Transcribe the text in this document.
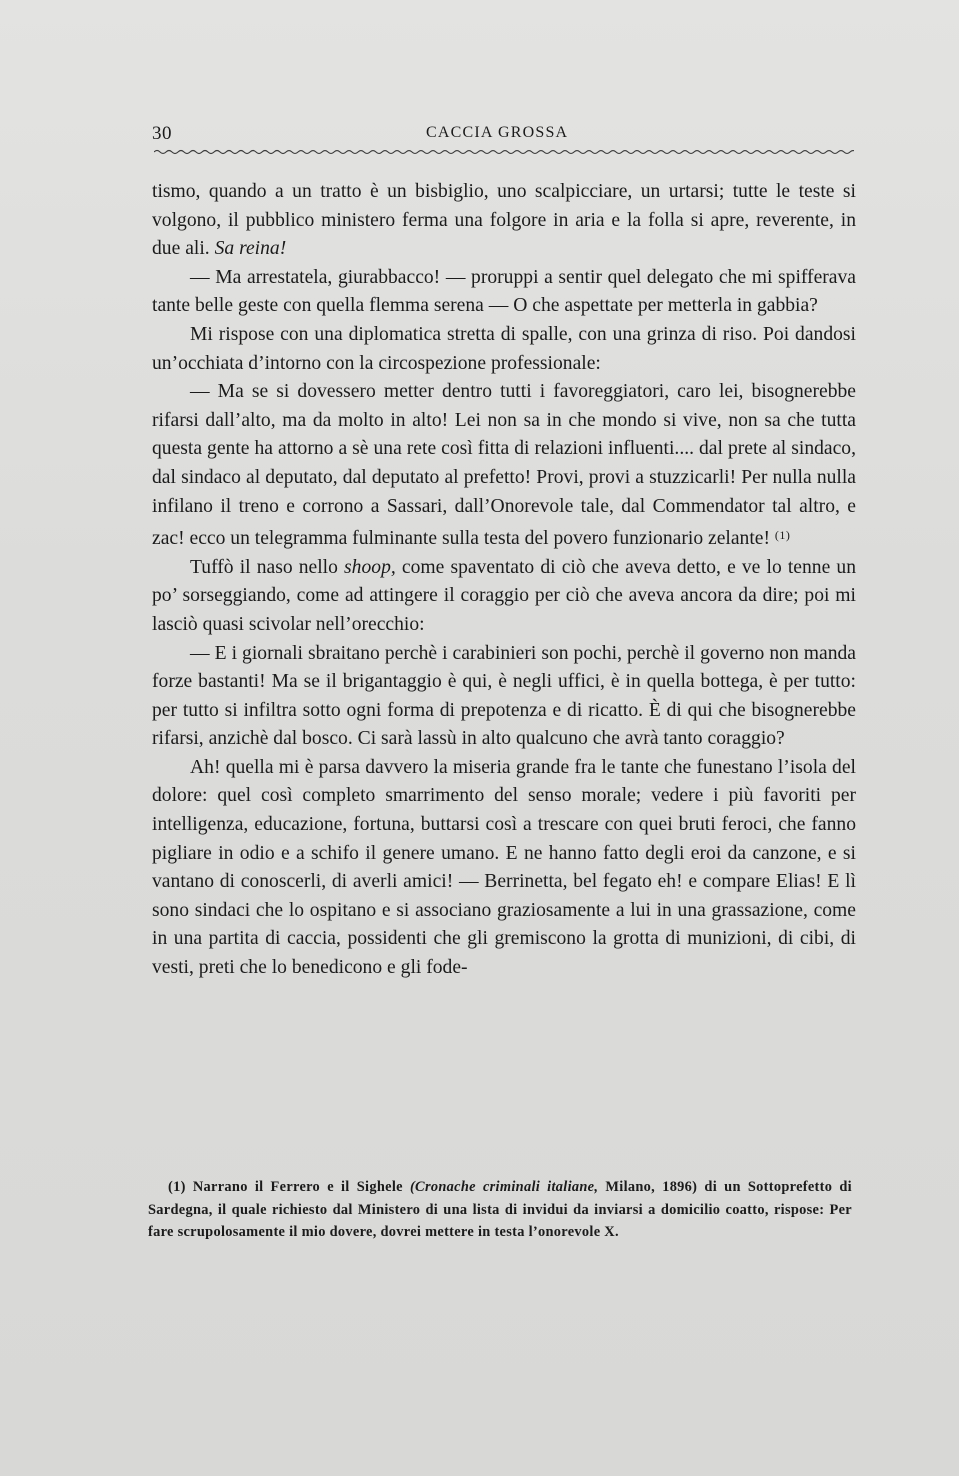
30	CACCIA GROSSA

tismo, quando a un tratto è un bisbiglio, uno scalpicciare, un urtarsi; tutte le teste si volgono, il pubblico ministero ferma una folgore in aria e la folla si apre, reverente, in due ali. Sa reina!

— Ma arrestatela, giurabbacco! — proruppi a sentir quel delegato che mi spifferava tante belle geste con quella flemma serena — O che aspettate per metterla in gabbia?

Mi rispose con una diplomatica stretta di spalle, con una grinza di riso. Poi dandosi un’occhiata d’intorno con la circospezione professionale:

— Ma se si dovessero metter dentro tutti i favoreggiatori, caro lei, bisognerebbe rifarsi dall’alto, ma da molto in alto! Lei non sa in che mondo si vive, non sa che tutta questa gente ha attorno a sè una rete così fitta di relazioni influenti.... dal prete al sindaco, dal sindaco al deputato, dal deputato al prefetto! Provi, provi a stuzzicarli! Per nulla nulla infilano il treno e corrono a Sassari, dall’Onorevole tale, dal Commendator tal altro, e zac! ecco un telegramma fulminante sulla testa del povero funzionario zelante! $^{(1)}$

Tuffò il naso nello shoop, come spaventato di ciò che aveva detto, e ve lo tenne un po’ sorseggiando, come ad attingere il coraggio per ciò che aveva ancora da dire; poi mi lasciò quasi scivolar nell’orecchio:

— E i giornali sbraitano perchè i carabinieri son pochi, perchè il governo non manda forze bastanti! Ma se il brigantaggio è qui, è negli uffici, è in quella bottega, è per tutto: per tutto si infiltra sotto ogni forma di prepotenza e di ricatto. È di qui che bisognerebbe rifarsi, anzichè dal bosco. Ci sarà lassù in alto qualcuno che avrà tanto coraggio?

Ah! quella mi è parsa davvero la miseria grande fra le tante che funestano l’isola del dolore: quel così completo smarrimento del senso morale; vedere i più favoriti per intelligenza, educazione, fortuna, buttarsi così a trescare con quei bruti feroci, che fanno pigliare in odio e a schifo il genere umano. E ne hanno fatto degli eroi da canzone, e si vantano di conoscerli, di averli amici! — Berrinetta, bel fegato eh! e compare Elias! E lì sono sindaci che lo ospitano e si associano graziosamente a lui in una grassazione, come in una partita di caccia, possidenti che gli gremiscono la grotta di munizioni, di cibi, di vesti, preti che lo benedicono e gli fode-

(1) Narrano il Ferrero e il Sighele (Cronache criminali italiane, Milano, 1896) di un Sottoprefetto di Sardegna, il quale richiesto dal Ministero di una lista di invidui da inviarsi a domicilio coatto, rispose: Per fare scrupolosamente il mio dovere, dovrei mettere in testa l’onorevole X.
